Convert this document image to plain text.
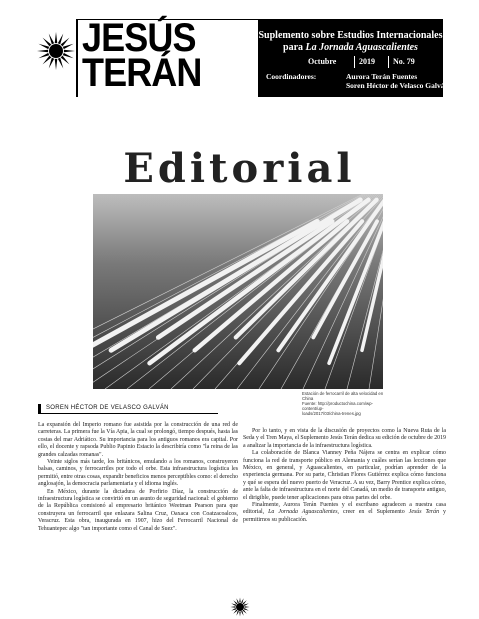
JESÚS
TERÁN
Suplemento sobre Estudios Internacionales
para La Jornada Aguascalientes
Octubre	2019 No. 79
Coordinadores:	Aurora Terán Fuentes
Soren Héctor de Velasco Galván
Editorial
Estación de ferrocarril de alta velocidad en China
Fuente: http://productochina.com/wp-content/up-
loads/2017/03/china-trenes.jpg
SOREN HÉCTOR DE VELASCO GALVÁN

La expansión del Imperio romano fue asistida por la construcción de una red de carreteras. La primera fue la Vía Apia, la cual se prolongó, tiempo después, hasta las costas del mar Adriático. Su importancia para los antiguos romanos era capital. Por ello, el docente y rapsoda Publio Papinio Estacio la describiría como "la reina de las grandes calzadas romanas".

Veinte siglos más tarde, los británicos, emulando a los romanos, construyeron balsas, caminos, y ferrocarriles por todo el orbe. Esta infraestructura logística les permitió, entre otras cosas, expandir beneficios menos perceptibles como: el derecho anglosajón, la democracia parlamentaria y el idioma inglés.

En México, durante la dictadura de Porfirio Díaz, la construcción de infraestructura logística se convirtió en un asunto de seguridad nacional: el gobierno de la República comisionó al empresario británico Weetman Pearson para que construyera un ferrocarril que enlazara Salina Cruz, Oaxaca con Coatzacoalcos, Veracruz. Esta obra, inaugurada en 1907, hizo del Ferrocarril Nacional de Tehuantepec algo "tan importante como el Canal de Suez".

Por lo tanto, y en vista de la discusión de proyectos como la Nueva Ruta de la Seda y el Tren Maya, el Suplemento Jesús Terán dedica su edición de octubre de 2019 a analizar la importancia de la infraestructura logística.

La colaboración de Blanca Vianney Peña Nájera se centra en explicar cómo funciona la red de transporte público en Alemania y cuáles serían las lecciones que México, en general, y Aguascalientes, en particular, podrían aprender de la experiencia germana. Por su parte, Christian Flores Gutiérrez explica cómo funciona y qué se espera del nuevo puerto de Veracruz. A su vez, Barry Prentice explica cómo, ante la falta de infraestructura en el norte del Canadá, un medio de transporte antiguo, el dirigible, puede tener aplicaciones para otras partes del orbe.

Finalmente, Aurora Terán Fuentes y el escribano agradecen a nuestra casa editorial, La Jornada Aguascalientes, creer en el Suplemento Jesús Terán y permitirnos su publicación.
